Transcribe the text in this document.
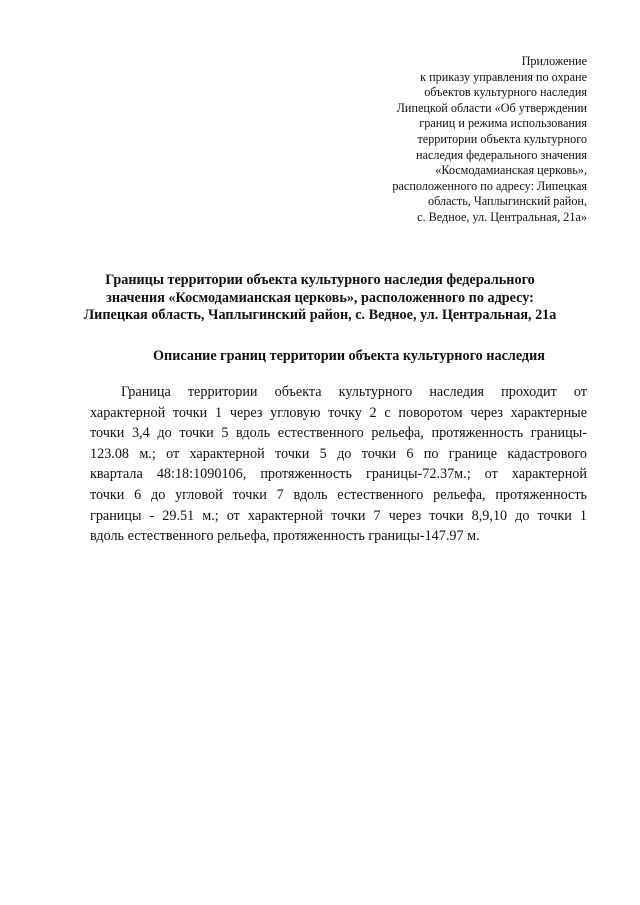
Приложение
к приказу управления по охране
объектов культурного наследия
Липецкой области «Об утверждении
границ и режима использования
территории объекта культурного
наследия федерального значения
«Космодамианская церковь»,
расположенного по адресу: Липецкая
область, Чаплыгинский район,
с. Ведное, ул. Центральная, 21а»
Границы территории объекта культурного наследия федерального
значения «Космодамианская церковь», расположенного по адресу:
Липецкая область, Чаплыгинский район, с. Ведное, ул. Центральная, 21а
Описание границ территории объекта культурного наследия
Граница территории объекта культурного наследия проходит от
характерной точки 1 через угловую точку 2 с поворотом через характерные
точки 3,4 до точки 5 вдоль естественного рельефа, протяженность границы-
123.08 м.; от характерной точки 5 до точки 6 по границе кадастрового
квартала 48:18:1090106, протяженность границы-72.37м.; от характерной
точки 6 до угловой точки 7 вдоль естественного рельефа, протяженность
границы - 29.51 м.; от характерной точки 7 через точки 8,9,10 до точки 1
вдоль естественного рельефа, протяженность границы-147.97 м.
